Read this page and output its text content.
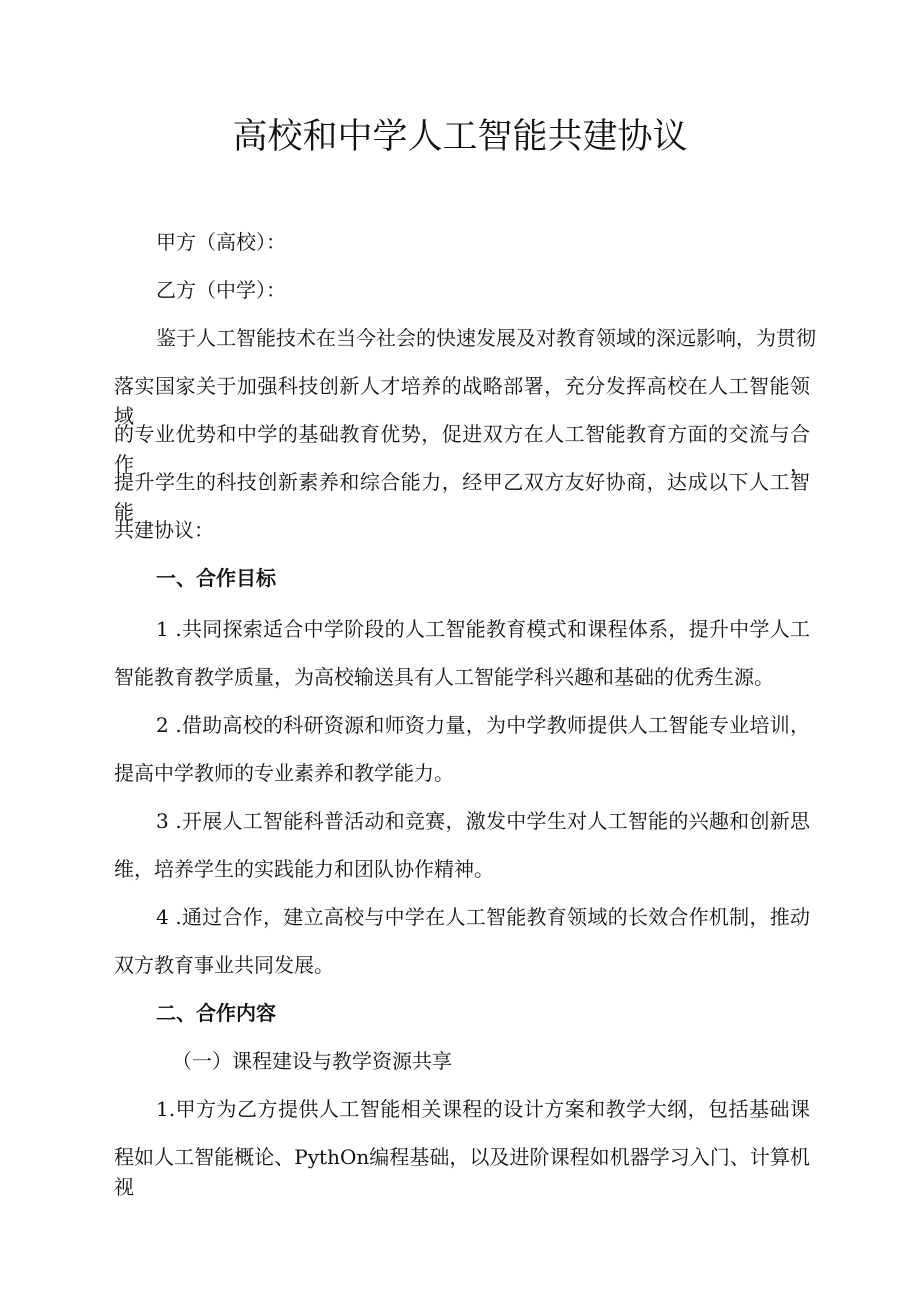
高校和中学人工智能共建协议
甲方（高校）：
乙方（中学）：
鉴于人工智能技术在当今社会的快速发展及对教育领域的深远影响，为贯彻
落实国家关于加强科技创新人才培养的战略部署，充分发挥高校在人工智能领域
的专业优势和中学的基础教育优势，促进双方在人工智能教育方面的交流与合作，
提升学生的科技创新素养和综合能力，经甲乙双方友好协商，达成以下人工智能
共建协议：
一、合作目标
1 .共同探索适合中学阶段的人工智能教育模式和课程体系，提升中学人工
智能教育教学质量，为高校输送具有人工智能学科兴趣和基础的优秀生源。
2 .借助高校的科研资源和师资力量，为中学教师提供人工智能专业培训，
提高中学教师的专业素养和教学能力。
3 .开展人工智能科普活动和竞赛，激发中学生对人工智能的兴趣和创新思
维，培养学生的实践能力和团队协作精神。
4 .通过合作，建立高校与中学在人工智能教育领域的长效合作机制，推动
双方教育事业共同发展。
二、合作内容
（一）课程建设与教学资源共享
1.甲方为乙方提供人工智能相关课程的设计方案和教学大纲，包括基础课
程如人工智能概论、PythOn编程基础，以及进阶课程如机器学习入门、计算机视
